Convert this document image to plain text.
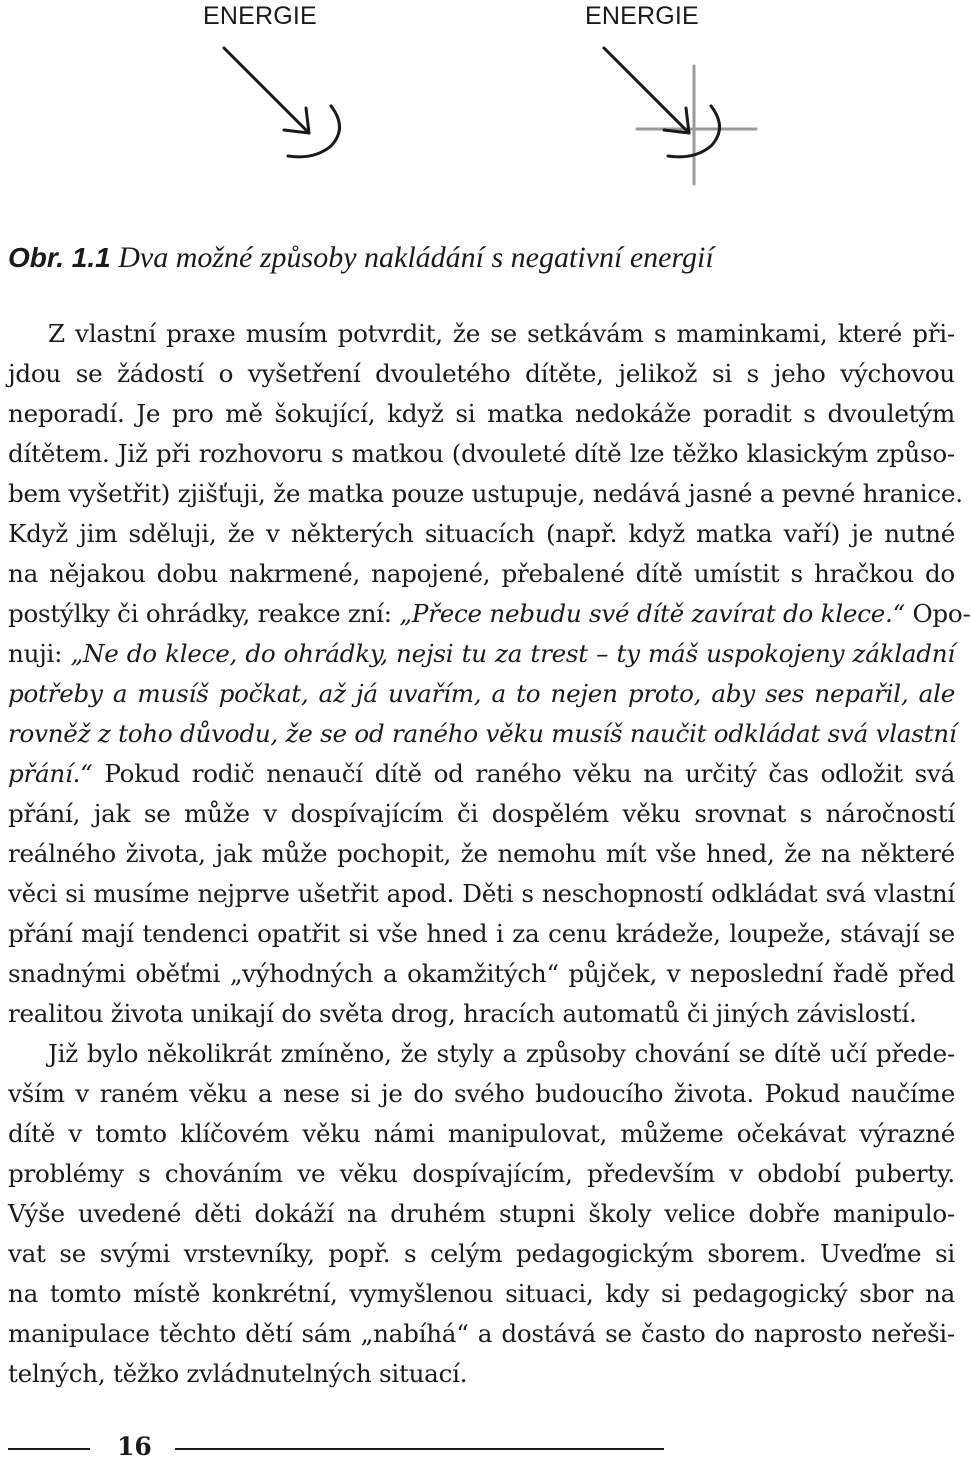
ENERGIE	ENERGIE
Obr. 1.1 Dva možné způsoby nakládání s negativní energií
Z vlastní praxe musím potvrdit, že se setkávám s maminkami, které při-
jdou se žádostí o vyšetření dvouletého dítěte, jelikož si s jeho výchovou
neporadí. Je pro mě šokující, když si matka nedokáže poradit s dvouletým
dítětem. Již při rozhovoru s matkou (dvouleté dítě lze těžko klasickým způso-
bem vyšetřit) zjišťuji, že matka pouze ustupuje, nedává jasné a pevné hranice.
Když jim sděluji, že v některých situacích (např. když matka vaří) je nutné
na nějakou dobu nakrmené, napojené, přebalené dítě umístit s hračkou do
postýlky či ohrádky, reakce zní: „Přece nebudu své dítě zavírat do klece.“ Opo-
nuji: „Ne do klece, do ohrádky, nejsi tu za trest – ty máš uspokojeny základní
potřeby a musíš počkat, až já uvařím, a to nejen proto, aby ses nepařil, ale
rovněž z toho důvodu, že se od raného věku musíš naučit odkládat svá vlastní
přání.“ Pokud rodič nenaučí dítě od raného věku na určitý čas odložit svá
přání, jak se může v dospívajícím či dospělém věku srovnat s náročností
reálného života, jak může pochopit, že nemohu mít vše hned, že na některé
věci si musíme nejprve ušetřit apod. Děti s neschopností odkládat svá vlastní
přání mají tendenci opatřit si vše hned i za cenu krádeže, loupeže, stávají se
snadnými oběťmi „výhodných a okamžitých“ půjček, v neposlední řadě před
realitou života unikají do světa drog, hracích automatů či jiných závislostí.
Již bylo několikrát zmíněno, že styly a způsoby chování se dítě učí přede-
vším v raném věku a nese si je do svého budoucího života. Pokud naučíme
dítě v tomto klíčovém věku námi manipulovat, můžeme očekávat výrazné
problémy s chováním ve věku dospívajícím, především v období puberty.
Výše uvedené děti dokáží na druhém stupni školy velice dobře manipulo-
vat se svými vrstevníky, popř. s celým pedagogickým sborem. Uveďme si
na tomto místě konkrétní, vymyšlenou situaci, kdy si pedagogický sbor na
manipulace těchto dětí sám „nabíhá“ a dostává se často do naprosto neřeši-
telných, těžko zvládnutelných situací.
16
